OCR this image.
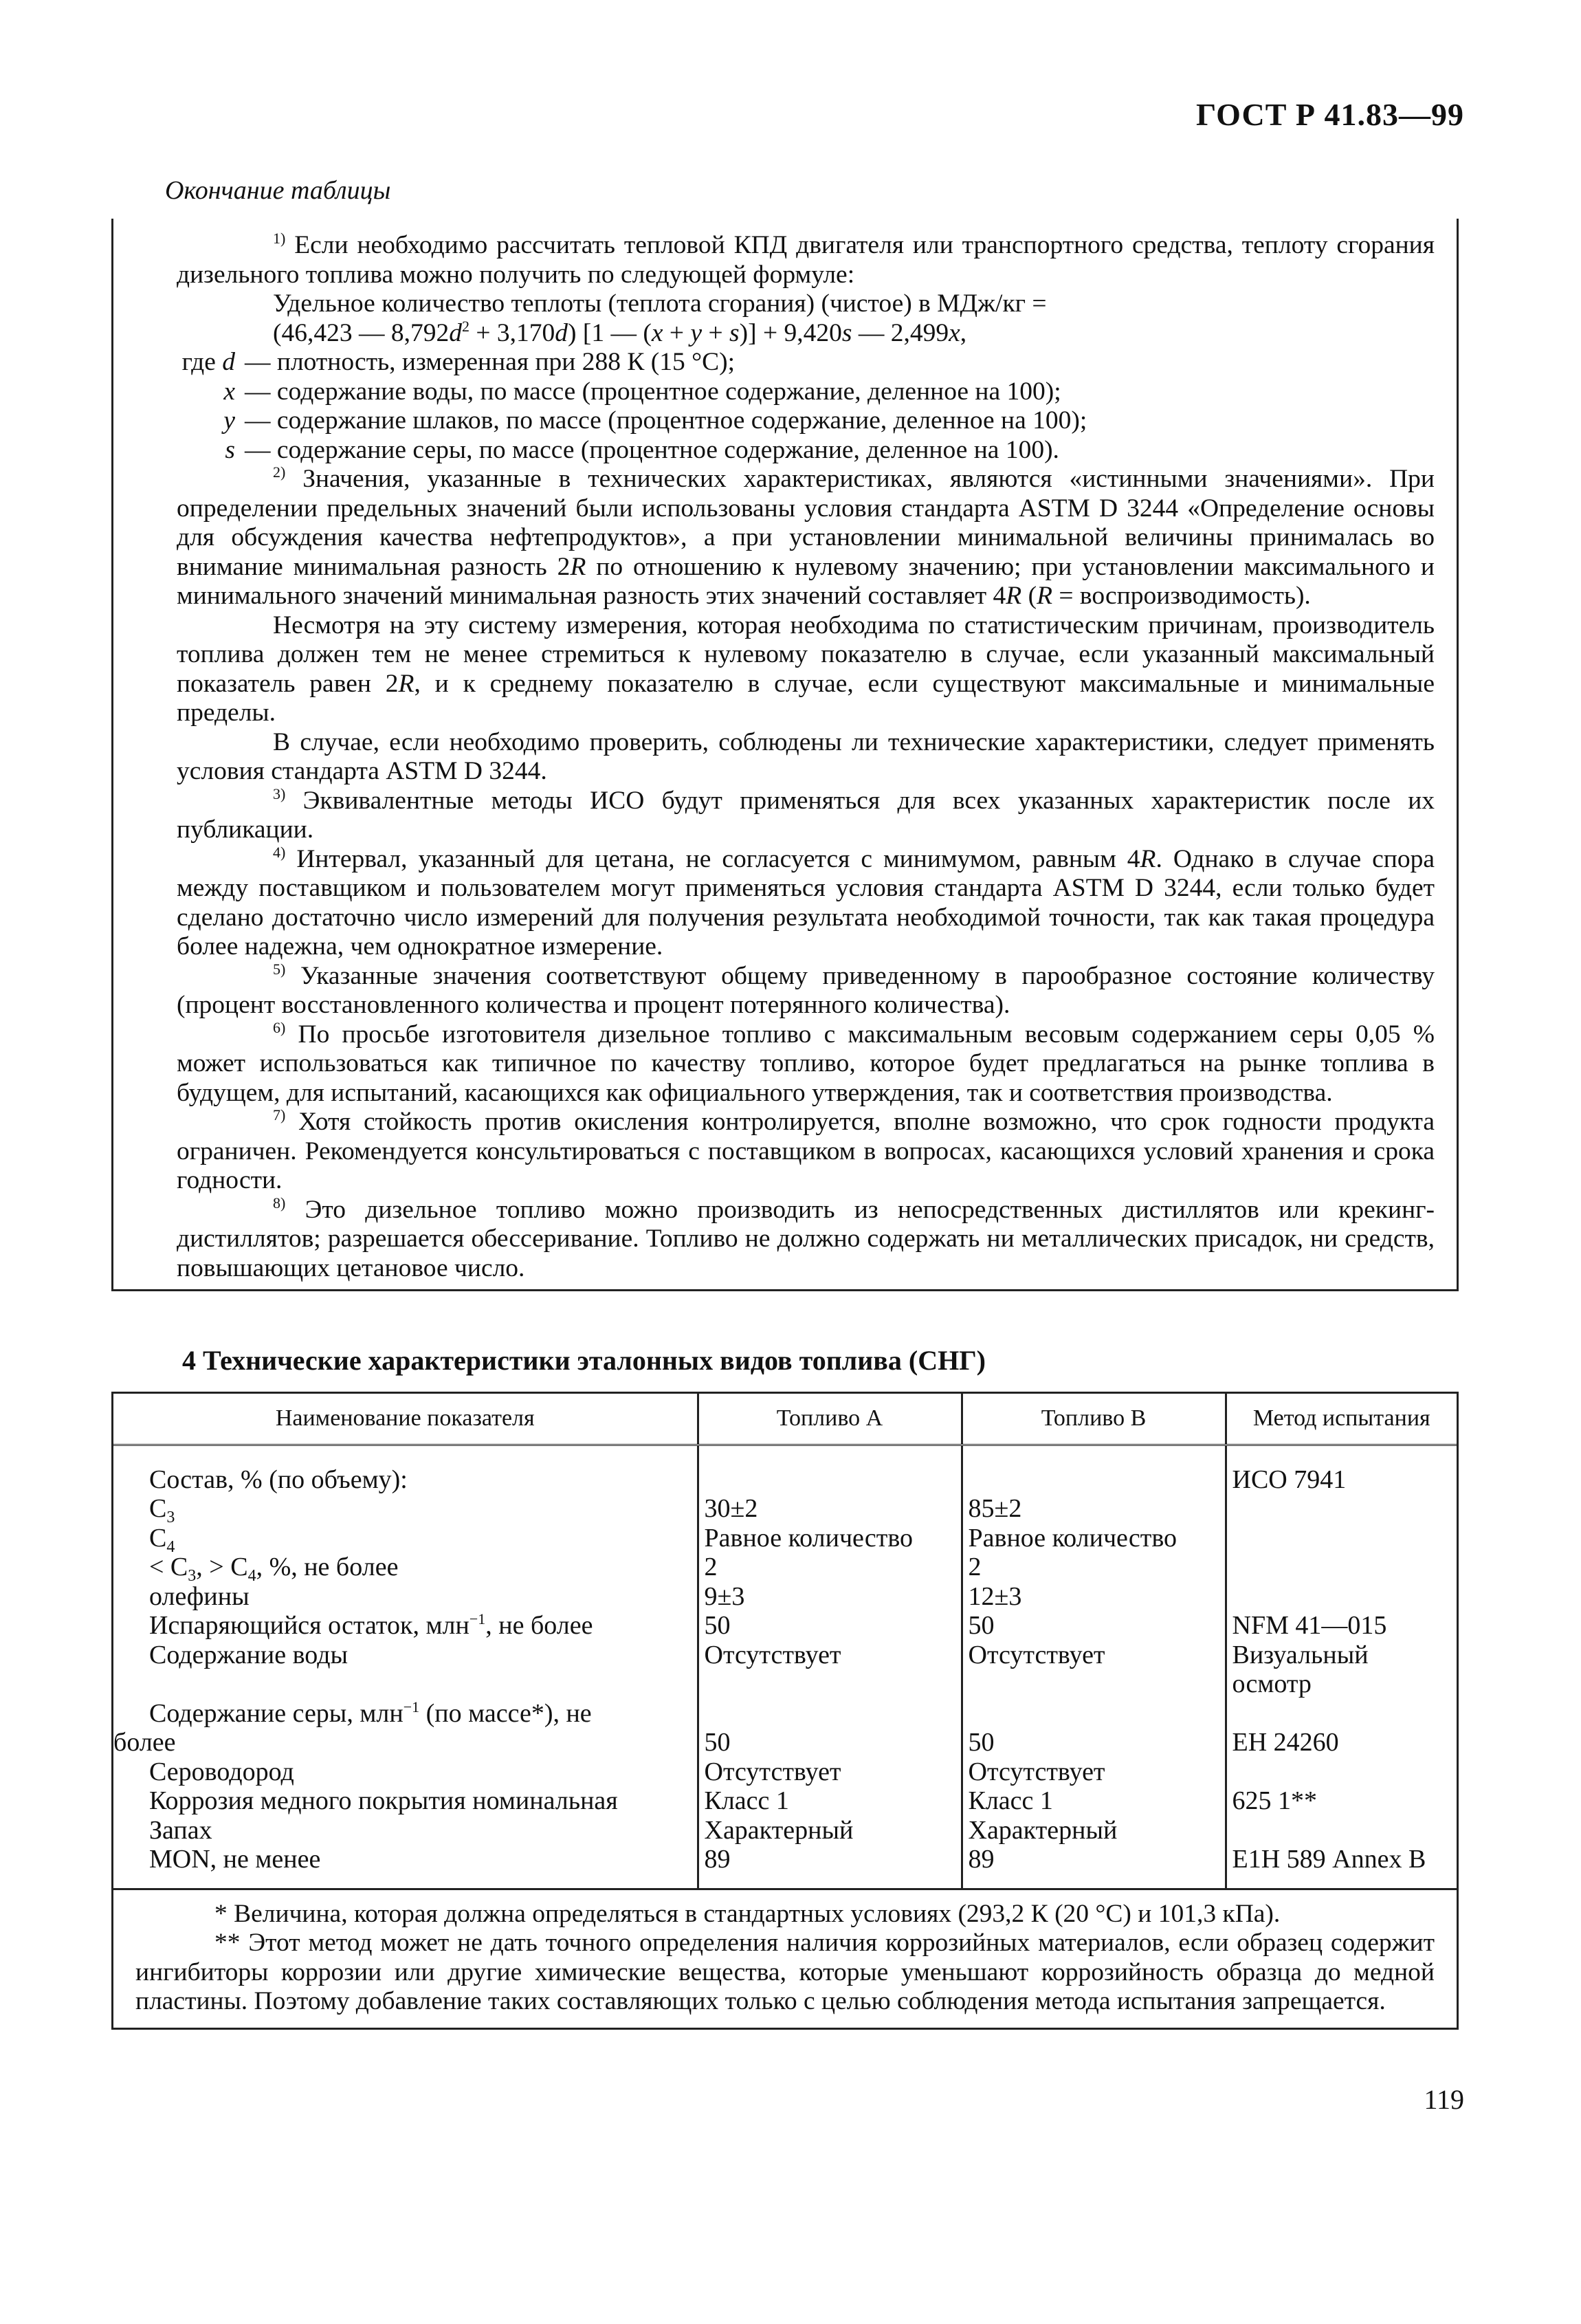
ГОСТ Р 41.83—99
Окончание таблицы

$^{1)}$ Если необходимо рассчитать тепловой КПД двигателя или транспортного средства, теплоту сгорания дизельного топлива можно получить по следующей формуле:

Удельное количество теплоты (теплота сгорания) (чистое) в МДж/кг =

(46,423 — $8,792d^2 + 3,170d$) [1 — (x + y + s)] + 9,420s — 2,499x,

где d	— плотность, измеренная при 288 К (15 °С);
x	— содержание воды, по массе (процентное содержание, деленное на 100);
y	— содержание шлаков, по массе (процентное содержание, деленное на 100);
s	— содержание серы, по массе (процентное содержание, деленное на 100).

$^{2)}$ Значения, указанные в технических характеристиках, являются «истинными значениями». При определении предельных значений были использованы условия стандарта ASTM D 3244 «Определение основы для обсуждения качества нефтепродуктов», а при установлении минимальной величины принималась во внимание минимальная разность 2R по отношению к нулевому значению; при установлении максимального и минимального значений минимальная разность этих значений составляет 4R (R = воспроизводимость).

Несмотря на эту систему измерения, которая необходима по статистическим причинам, производитель топлива должен тем не менее стремиться к нулевому показателю в случае, если указанный максимальный показатель равен 2R, и к среднему показателю в случае, если существуют максимальные и минимальные пределы.

В случае, если необходимо проверить, соблюдены ли технические характеристики, следует применять условия стандарта ASTM D 3244.

$^{3)}$ Эквивалентные методы ИСО будут применяться для всех указанных характеристик после их публикации.

$^{4)}$ Интервал, указанный для цетана, не согласуется с минимумом, равным 4R. Однако в случае спора между поставщиком и пользователем могут применяться условия стандарта ASTM D 3244, если только будет сделано достаточно число измерений для получения результата необходимой точности, так как такая процедура более надежна, чем однократное измерение.

$^{5)}$ Указанные значения соответствуют общему приведенному в парообразное состояние количеству (процент восстановленного количества и процент потерянного количества).

$^{6)}$ По просьбе изготовителя дизельное топливо с максимальным весовым содержанием серы 0,05 % может использоваться как типичное по качеству топливо, которое будет предлагаться на рынке топлива в будущем, для испытаний, касающихся как официального утверждения, так и соответствия производства.

$^{7)}$ Хотя стойкость против окисления контролируется, вполне возможно, что срок годности продукта ограничен. Рекомендуется консультироваться с поставщиком в вопросах, касающихся условий хранения и срока годности.

$^{8)}$ Это дизельное топливо можно производить из непосредственных дистиллятов или крекинг-дистиллятов; разрешается обессеривание. Топливо не должно содержать ни металлических присадок, ни средств, повышающих цетановое число.

4 Технические характеристики эталонных видов топлива (СНГ)
Наименование показателя	Топливо А	Топливо В	Метод испытания

Состав, % (по объему):			ИСО 7941
$С_3$	30±2	85±2	
$С_4$	Равное количество	Равное количество	
< $С_3$, > $С_4$, %, не более	2	2	
олефины	9±3	12±3	
Испаряющийся остаток, млн$^{-1}$, не более	50	50	NFM 41—015
Содержание воды	Отсутствует	Отсутствует	Визуальный осмотр
Содержание серы, млн$^{-1}$ (по массе*), не
более	50	50	ЕН 24260
Сероводород	Отсутствует	Отсутствует	
Коррозия медного покрытия номинальная	Класс 1	Класс 1	625 1**
Запах	Характерный	Характерный	
MON, не менее	89	89	Е1Н 589 Annex В

* Величина, которая должна определяться в стандартных условиях (293,2 К (20 °С) и 101,3 кПа).

** Этот метод может не дать точного определения наличия коррозийных материалов, если образец содержит ингибиторы коррозии или другие химические вещества, которые уменьшают коррозийность образца до медной пластины. Поэтому добавление таких составляющих только с целью соблюдения метода испытания запрещается.

119
